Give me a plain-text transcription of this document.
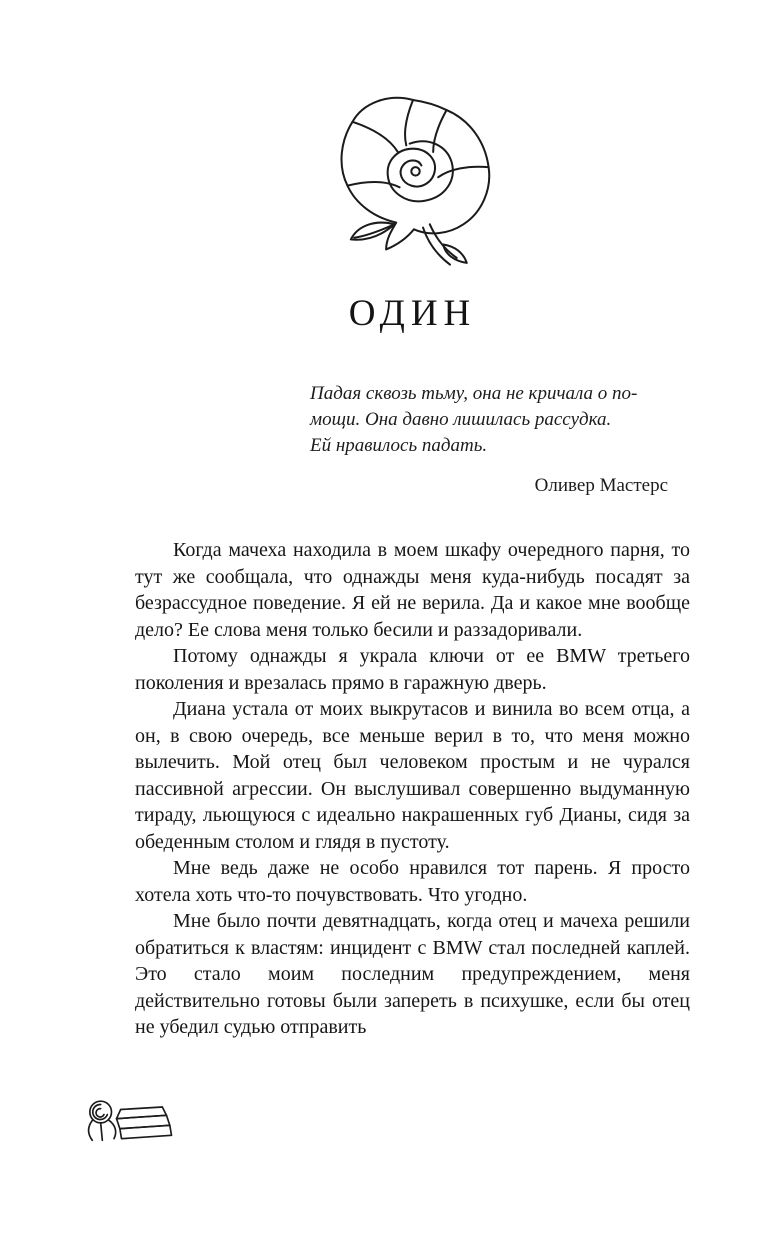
ОДИН
Падая сквозь тьму, она не кричала о по-
мощи. Она давно лишилась рассудка.
Ей нравилось падать.
Оливер Мастерс

Когда мачеха находила в моем шкафу очередного парня, то тут же сообщала, что однажды меня куда-нибудь посадят за безрассудное поведение. Я ей не верила. Да и какое мне вообще дело? Ее слова меня только бесили и раззадоривали.

Потому однажды я украла ключи от ее BMW третьего поколения и врезалась прямо в гаражную дверь.

Диана устала от моих выкрутасов и винила во всем отца, а он, в свою очередь, все меньше верил в то, что меня можно вылечить. Мой отец был человеком простым и не чурался пассивной агрессии. Он выслушивал совершенно выдуманную тираду, льющуюся с идеально накрашенных губ Дианы, сидя за обеденным столом и глядя в пустоту.

Мне ведь даже не особо нравился тот парень. Я просто хотела хоть что-то почувствовать. Что угодно.

Мне было почти девятнадцать, когда отец и мачеха решили обратиться к властям: инцидент с BMW стал последней каплей. Это стало моим последним предупреждением, меня действительно готовы были запереть в психушке, если бы отец не убедил судью отправить
